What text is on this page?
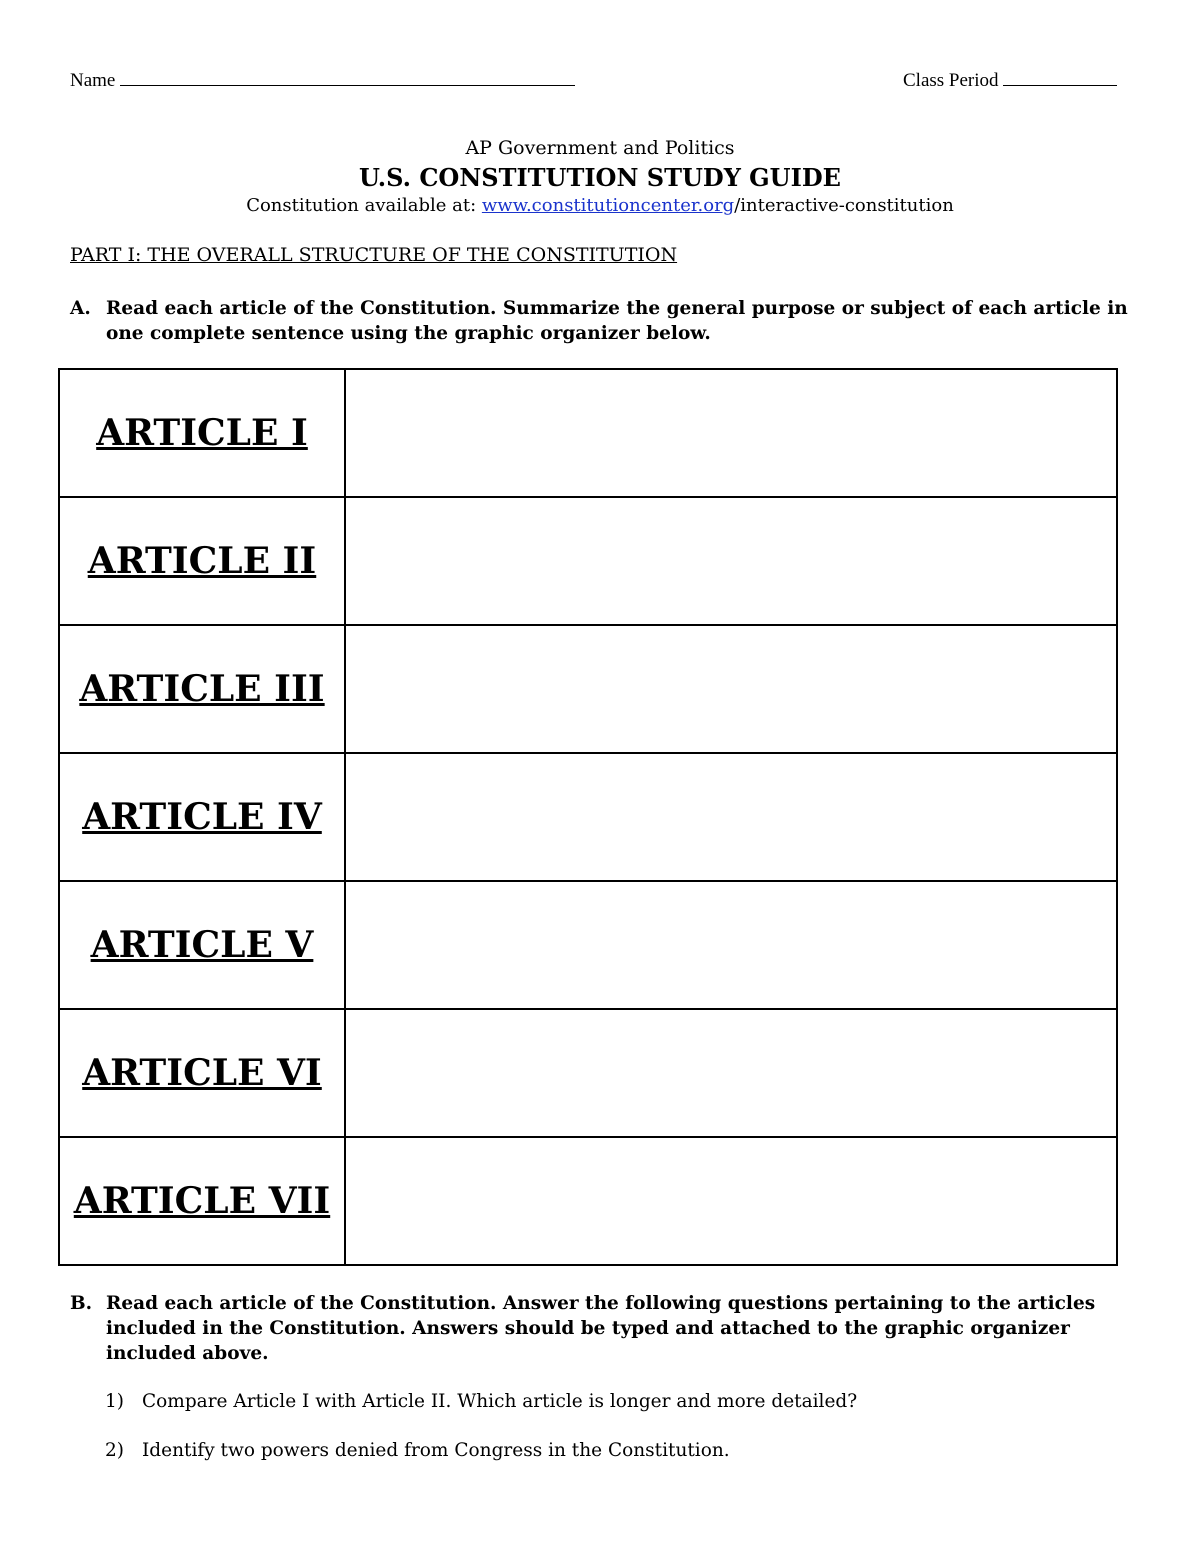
Name	Class Period
AP Government and Politics
U.S. CONSTITUTION STUDY GUIDE
Constitution available at: www.constitutioncenter.org/interactive-constitution
PART I: THE OVERALL STRUCTURE OF THE CONSTITUTION
A. Read each article of the Constitution. Summarize the general purpose or subject of each article in one complete sentence using the graphic organizer below.
ARTICLE I	
ARTICLE II	
ARTICLE III	
ARTICLE IV	
ARTICLE V	
ARTICLE VI	
ARTICLE VII	
B. Read each article of the Constitution. Answer the following questions pertaining to the articles included in the Constitution. Answers should be typed and attached to the graphic organizer included above.
1) Compare Article I with Article II. Which article is longer and more detailed?
2) Identify two powers denied from Congress in the Constitution.
